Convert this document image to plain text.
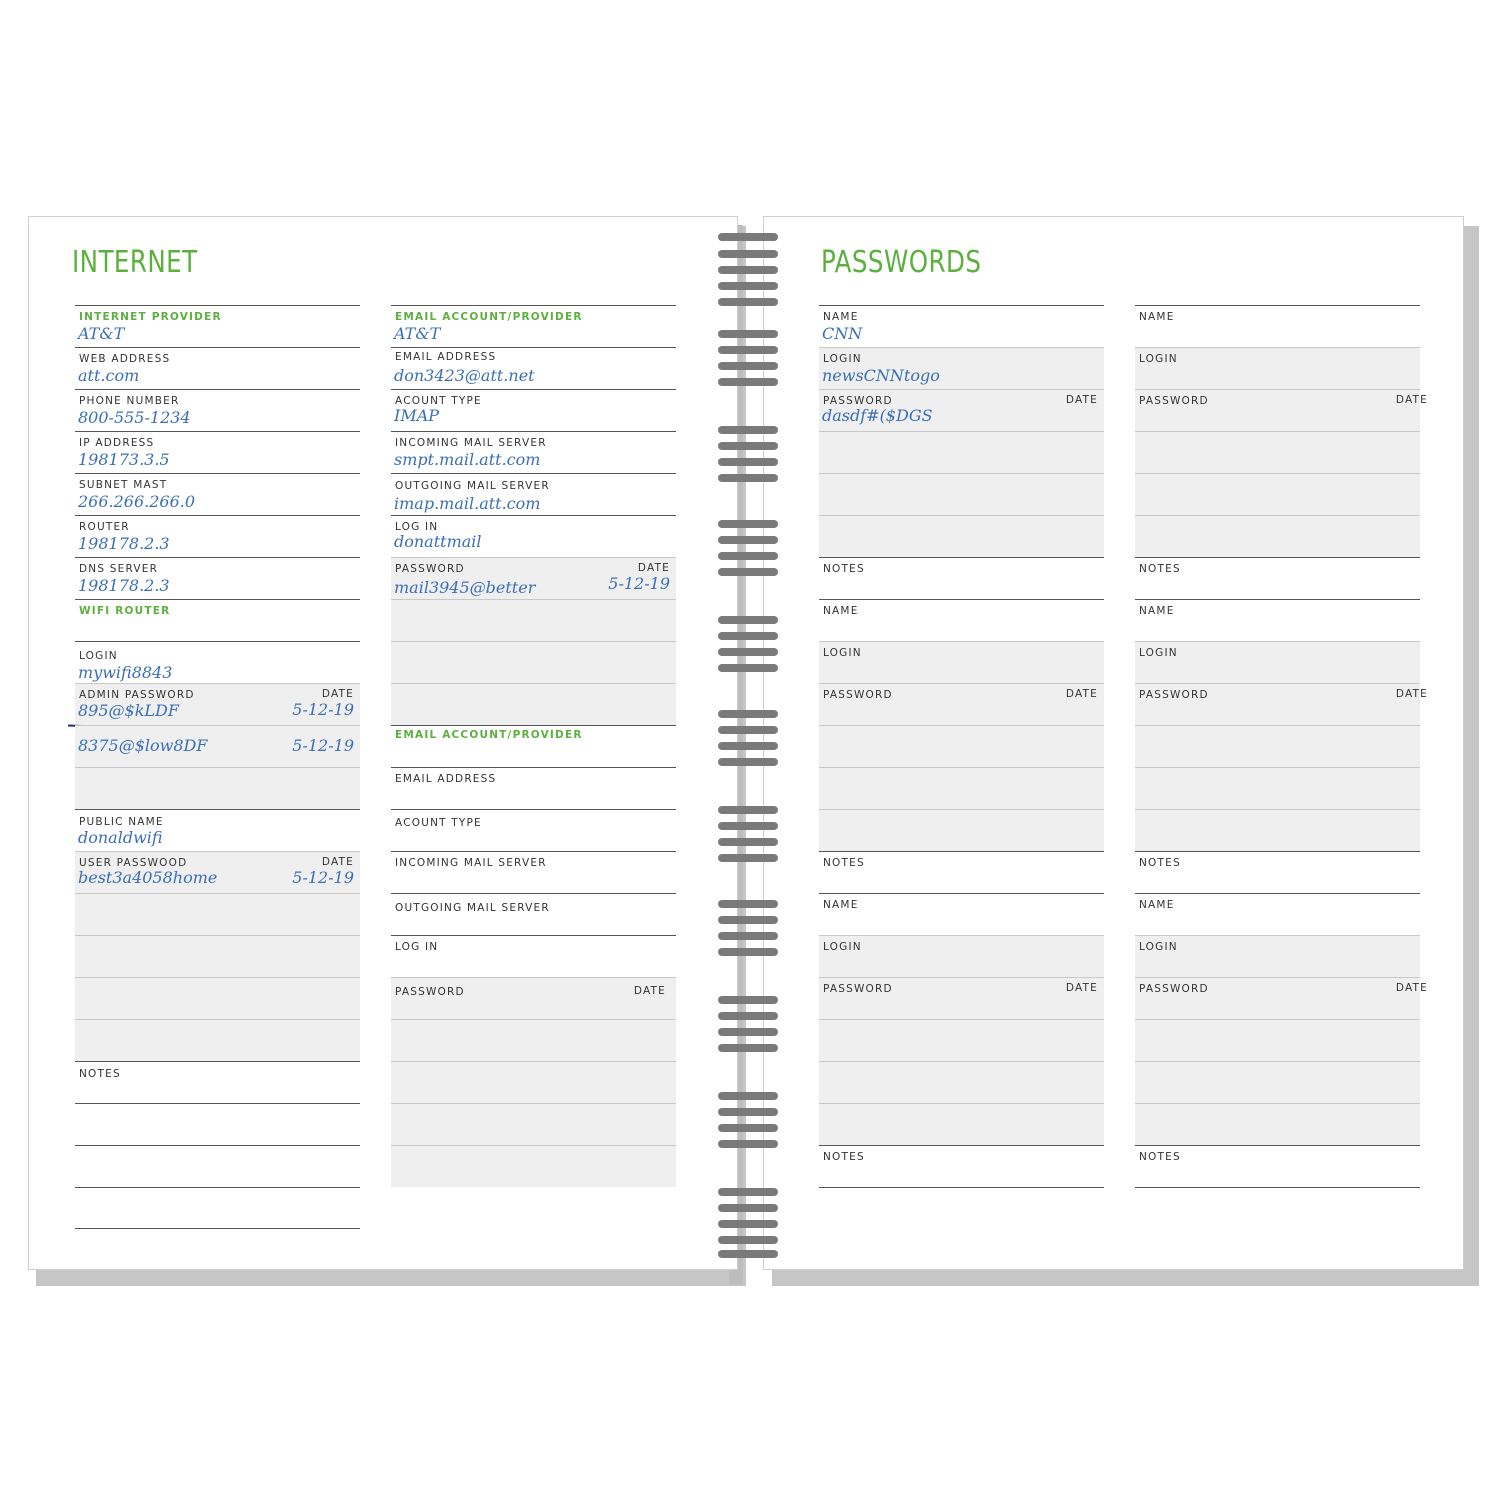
INTERNET
INTERNET PROVIDER
AT&T
WEB ADDRESS
att.com
PHONE NUMBER
800-555-1234
IP ADDRESS
198173.3.5
SUBNET MAST
266.266.266.0
ROUTER
198178.2.3
DNS SERVER
198178.2.3
WIFI ROUTER
LOGIN
mywifi8843
ADMIN PASSWORD	DATE
895@$kLDF	5-12-19
8375@$low8DF	5-12-19
PUBLIC NAME
donaldwifi
USER PASSWOOD	DATE
best3a4058home	5-12-19
NOTES
EMAIL ACCOUNT/PROVIDER
AT&T
EMAIL ADDRESS
don3423@att.net
ACOUNT TYPE
IMAP
INCOMING MAIL SERVER
smpt.mail.att.com
OUTGOING MAIL SERVER
imap.mail.att.com
LOG IN
donattmail
PASSWORD	DATE
mail3945@better	5-12-19
EMAIL ACCOUNT/PROVIDER
EMAIL ADDRESS
ACOUNT TYPE
INCOMING MAIL SERVER
OUTGOING MAIL SERVER
LOG IN
PASSWORD	DATE
PASSWORDS
NAME
CNN
LOGIN
newsCNNtogo
PASSWORD	DATE
dasdf#($DGS
NOTES
NAME
LOGIN
PASSWORD	DATE
NOTES
NAME
LOGIN
PASSWORD	DATE
NOTES
NAME
LOGIN
PASSWORD	DATE
NOTES
NAME
LOGIN
PASSWORD	DATE
NOTES
NAME
LOGIN
PASSWORD	DATE
NOTES
